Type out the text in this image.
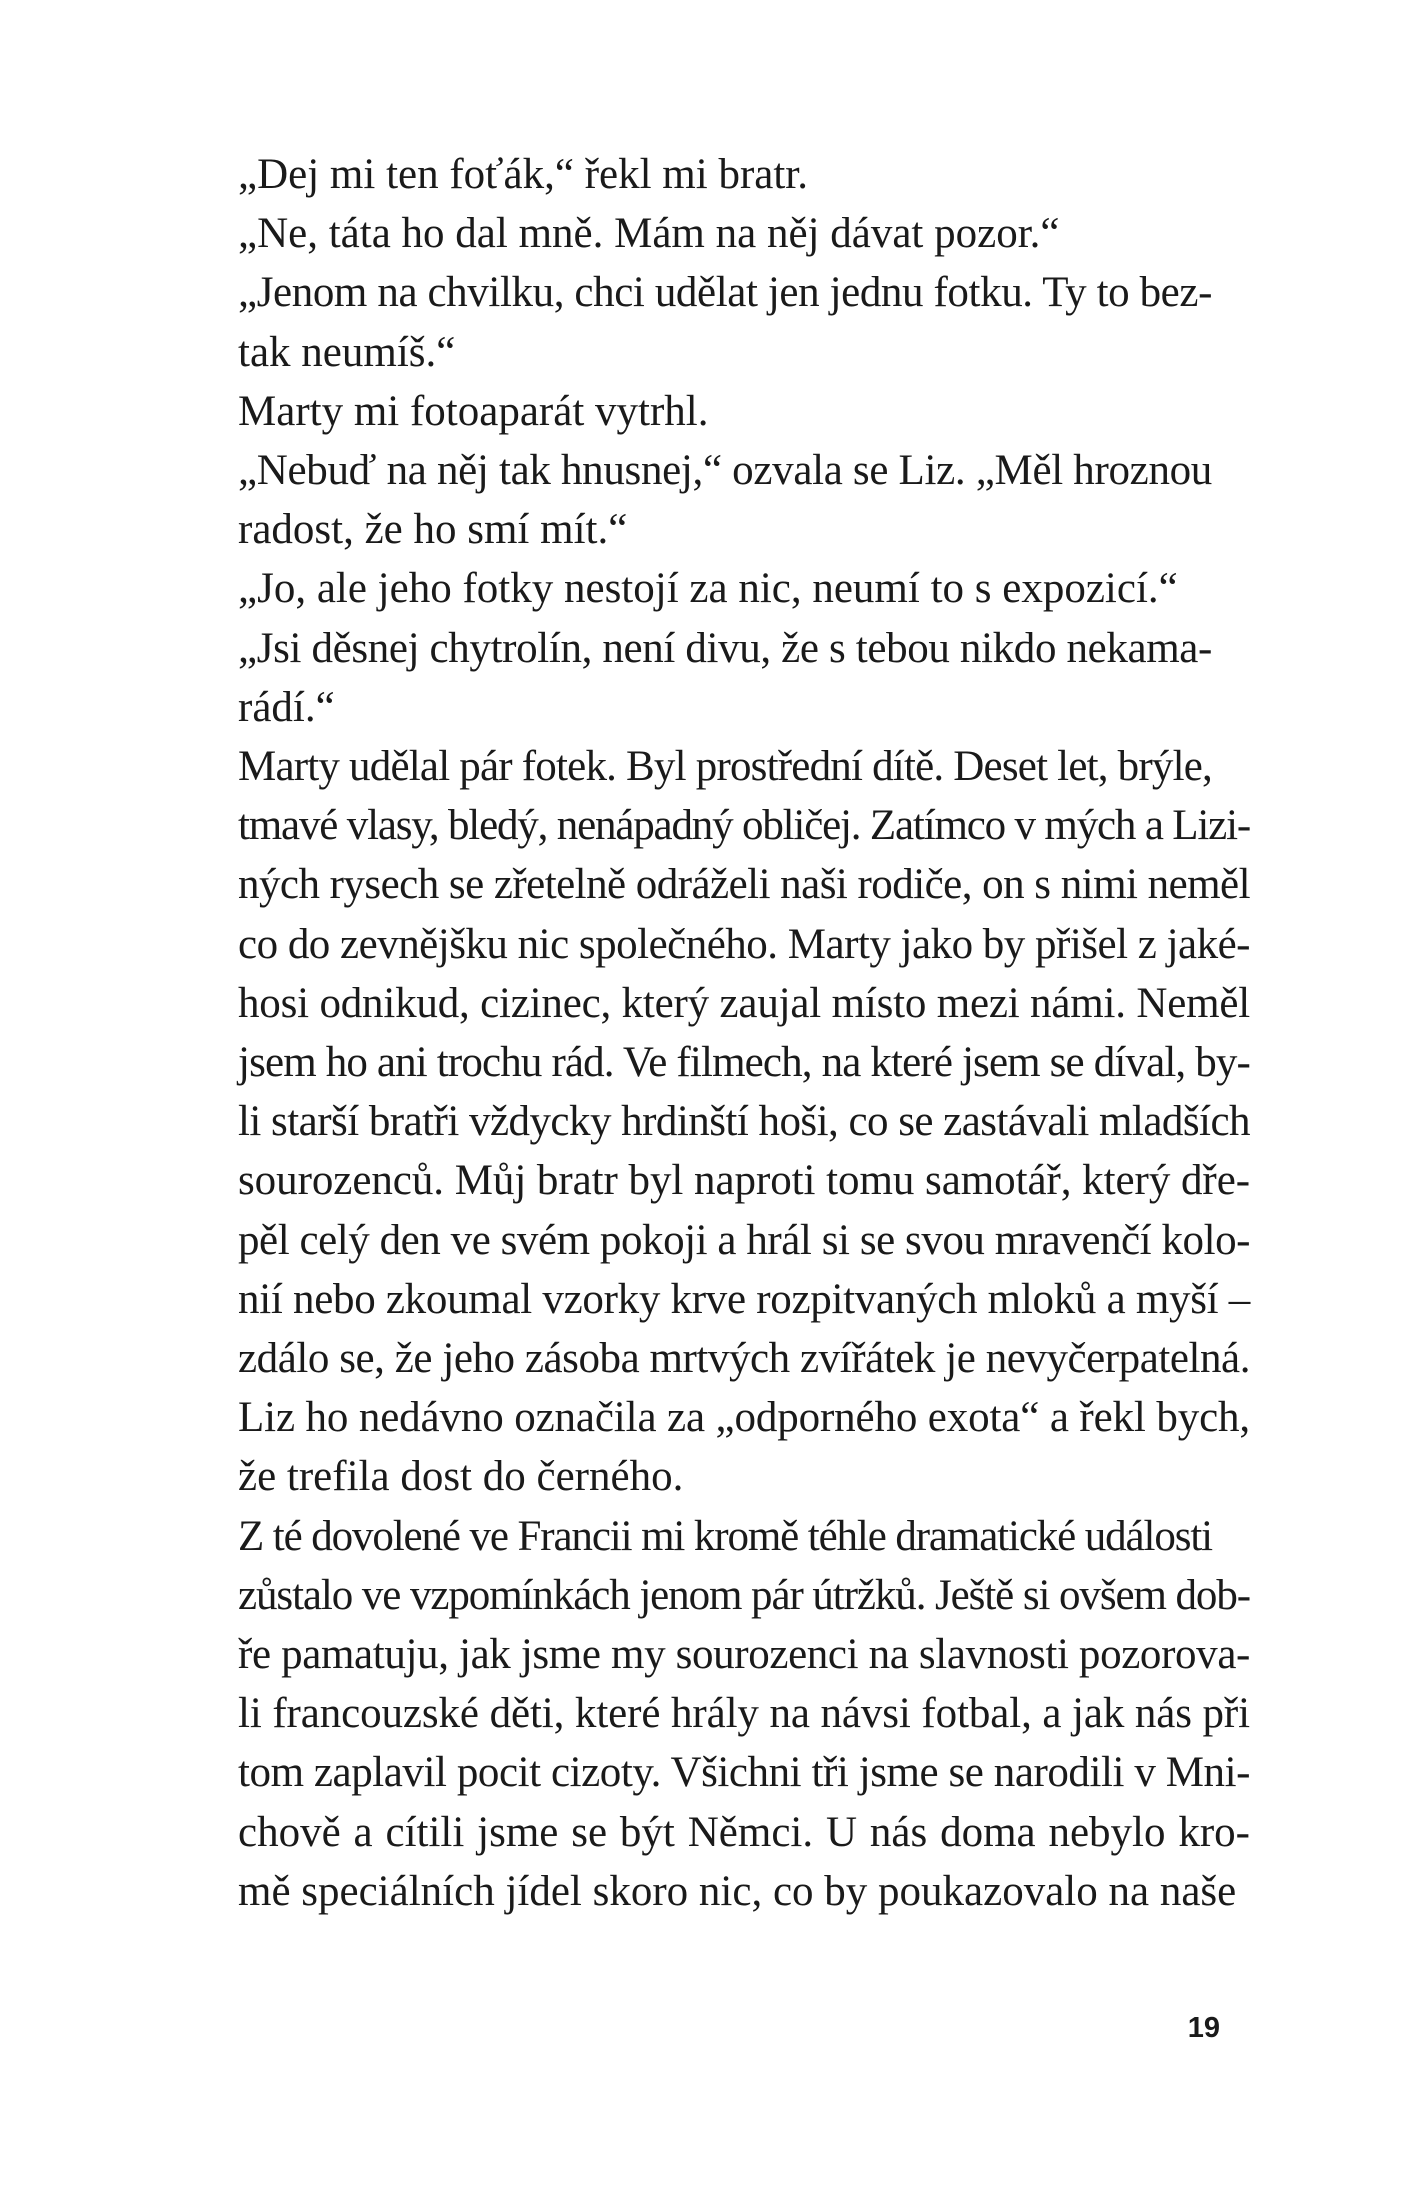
„Dej mi ten foťák,“ řekl mi bratr.
„Ne, táta ho dal mně. Mám na něj dávat pozor.“
„Jenom na chvilku, chci udělat jen jednu fotku. Ty to bez-
tak neumíš.“
Marty mi fotoaparát vytrhl.
„Nebuď na něj tak hnusnej,“ ozvala se Liz. „Měl hroznou
radost, že ho smí mít.“
„Jo, ale jeho fotky nestojí za nic, neumí to s expozicí.“
„Jsi děsnej chytrolín, není divu, že s tebou nikdo nekama-
rádí.“
Marty udělal pár fotek. Byl prostřední dítě. Deset let, brýle,
tmavé vlasy, bledý, nenápadný obličej. Zatímco v mých a Lizi-
ných rysech se zřetelně odráželi naši rodiče, on s nimi neměl
co do zevnějšku nic společného. Marty jako by přišel z jaké-
hosi odnikud, cizinec, který zaujal místo mezi námi. Neměl
jsem ho ani trochu rád. Ve filmech, na které jsem se díval, by-
li starší bratři vždycky hrdinští hoši, co se zastávali mladších
sourozenců. Můj bratr byl naproti tomu samotář, který dře-
pěl celý den ve svém pokoji a hrál si se svou mravenčí kolo-
nií nebo zkoumal vzorky krve rozpitvaných mloků a myší –
zdálo se, že jeho zásoba mrtvých zvířátek je nevyčerpatelná.
Liz ho nedávno označila za „odporného exota“ a řekl bych,
že trefila dost do černého.
Z té dovolené ve Francii mi kromě téhle dramatické události
zůstalo ve vzpomínkách jenom pár útržků. Ještě si ovšem dob-
ře pamatuju, jak jsme my sourozenci na slavnosti pozorova-
li francouzské děti, které hrály na návsi fotbal, a jak nás při
tom zaplavil pocit cizoty. Všichni tři jsme se narodili v Mni-
chově a cítili jsme se být Němci. U nás doma nebylo kro-
mě speciálních jídel skoro nic, co by poukazovalo na naše
19
